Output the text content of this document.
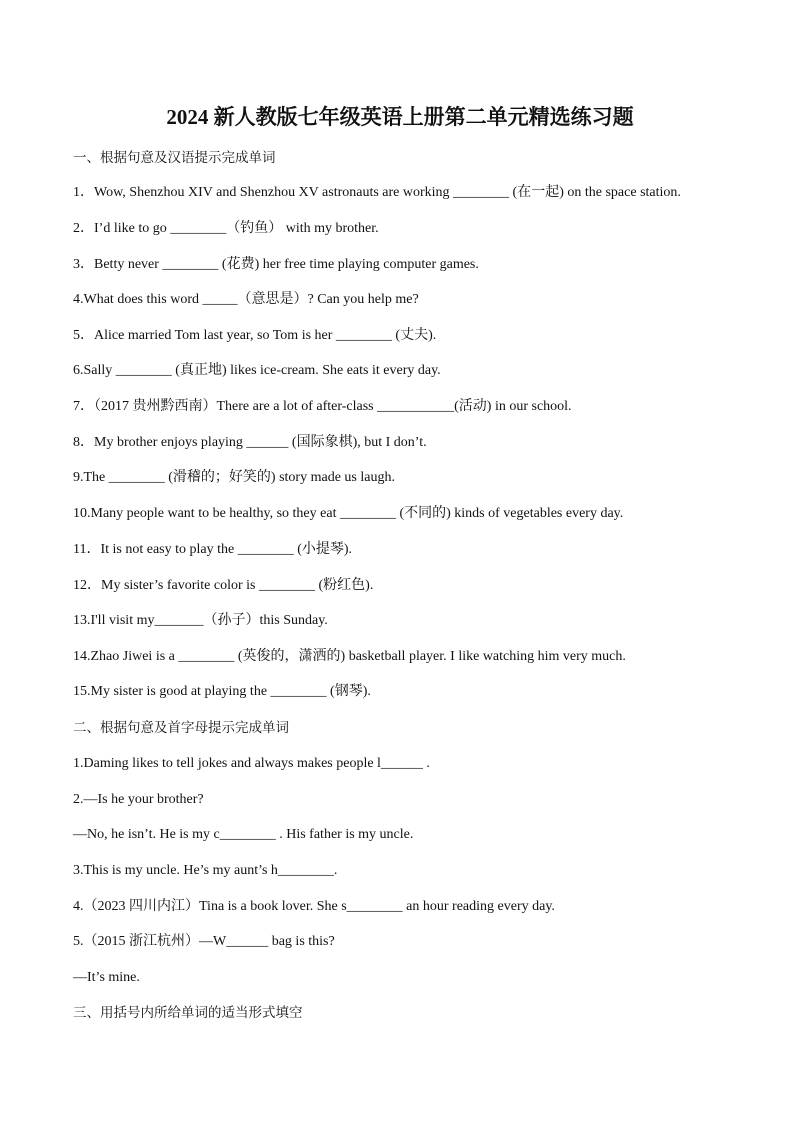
2024 新人教版七年级英语上册第二单元精选练习题

一、根据句意及汉语提示完成单词

1．Wow, Shenzhou XIV and Shenzhou XV astronauts are working ________ (在一起) on the space station.

2．I’d like to go ________（钓鱼） with my brother.

3．Betty never ________ (花费) her free time playing computer games.

4.What does this word _____（意思是）? Can you help me?

5．Alice married Tom last year, so Tom is her ________ (丈夫).

6.Sally ________ (真正地) likes ice-cream. She eats it every day.

7．（2017 贵州黔西南）There are a lot of after-class ___________(活动) in our school.

8．My brother enjoys playing ______ (国际象棋), but I don’t.

9.The ________ (滑稽的；好笑的) story made us laugh.

10.Many people want to be healthy, so they eat ________ (不同的) kinds of vegetables every day.

11．It is not easy to play the ________ (小提琴).

12．My sister’s favorite color is ________ (粉红色).

13.I'll visit my_______（孙子）this Sunday.

14.Zhao Jiwei is a ________ (英俊的，潇洒的) basketball player. I like watching him very much.

15.My sister is good at playing the ________ (钢琴).

二、根据句意及首字母提示完成单词

1.Daming likes to tell jokes and always makes people l______ .

2.—Is he your brother?

—No, he isn’t. He is my c________ . His father is my uncle.

3.This is my uncle. He’s my aunt’s h________.

4.（2023 四川内江）Tina is a book lover. She s________ an hour reading every day.

5.（2015 浙江杭州）—W______ bag is this?

—It’s mine.

三、用括号内所给单词的适当形式填空
